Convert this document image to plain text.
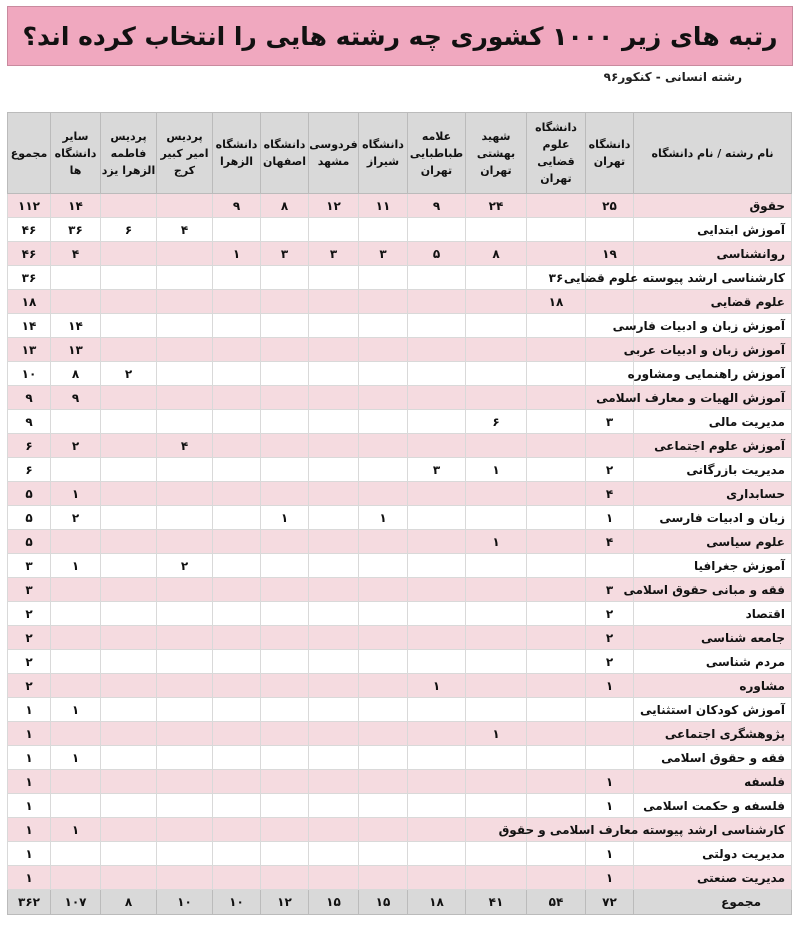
رتبه های زیر ۱۰۰۰ کشوری چه رشته هایی را انتخاب کرده اند؟
رشته انسانی - کنکور۹۶
نام رشته / نام دانشگاه	دانشگاه تهران	دانشگاه علوم قضایی تهران	شهید بهشتی تهران	علامه طباطبایی تهران	دانشگاه شیراز	فردوسی مشهد	دانشگاه اصفهان	دانشگاه الزهرا	پردیس امیر کبیر کرج	پردیس فاطمه الزهرا یزد	سایر دانشگاه ها	مجموع
حقوق	۲۵		۲۴	۹	۱۱	۱۲	۸	۹			۱۴	۱۱۲
آموزش ابتدایی									۴	۶	۳۶	۴۶
روانشناسی	۱۹		۸	۵	۳	۳	۳	۱			۴	۴۶
کارشناسی ارشد پیوسته علوم قضایی		۳۶										۳۶
علوم قضایی		۱۸										۱۸
آموزش زبان و ادبیات فارسی											۱۴	۱۴
آموزش زبان و ادبیات عربی											۱۳	۱۳
آموزش راهنمایی ومشاوره										۲	۸	۱۰
آموزش الهیات و معارف اسلامی											۹	۹
مدیریت مالی	۳		۶									۹
آموزش علوم اجتماعی									۴		۲	۶
مدیریت بازرگانی	۲		۱	۳								۶
حسابداری	۴										۱	۵
زبان و ادبیات فارسی	۱				۱		۱				۲	۵
علوم سیاسی	۴		۱									۵
آموزش جغرافیا									۲		۱	۳
فقه و مبانی حقوق اسلامی	۳											۳
اقتصاد	۲											۲
جامعه شناسی	۲											۲
مردم شناسی	۲											۲
مشاوره	۱			۱								۲
آموزش کودکان استثنایی											۱	۱
پژوهشگری اجتماعی			۱									۱
فقه و حقوق اسلامی											۱	۱
فلسفه	۱											۱
فلسفه و حکمت اسلامی	۱											۱
کارشناسی ارشد پیوسته معارف اسلامی و حقوق											۱	۱
مدیریت دولتی	۱											۱
مدیریت صنعتی	۱											۱
مجموع	۷۲	۵۴	۴۱	۱۸	۱۵	۱۵	۱۲	۱۰	۱۰	۸	۱۰۷	۳۶۲
